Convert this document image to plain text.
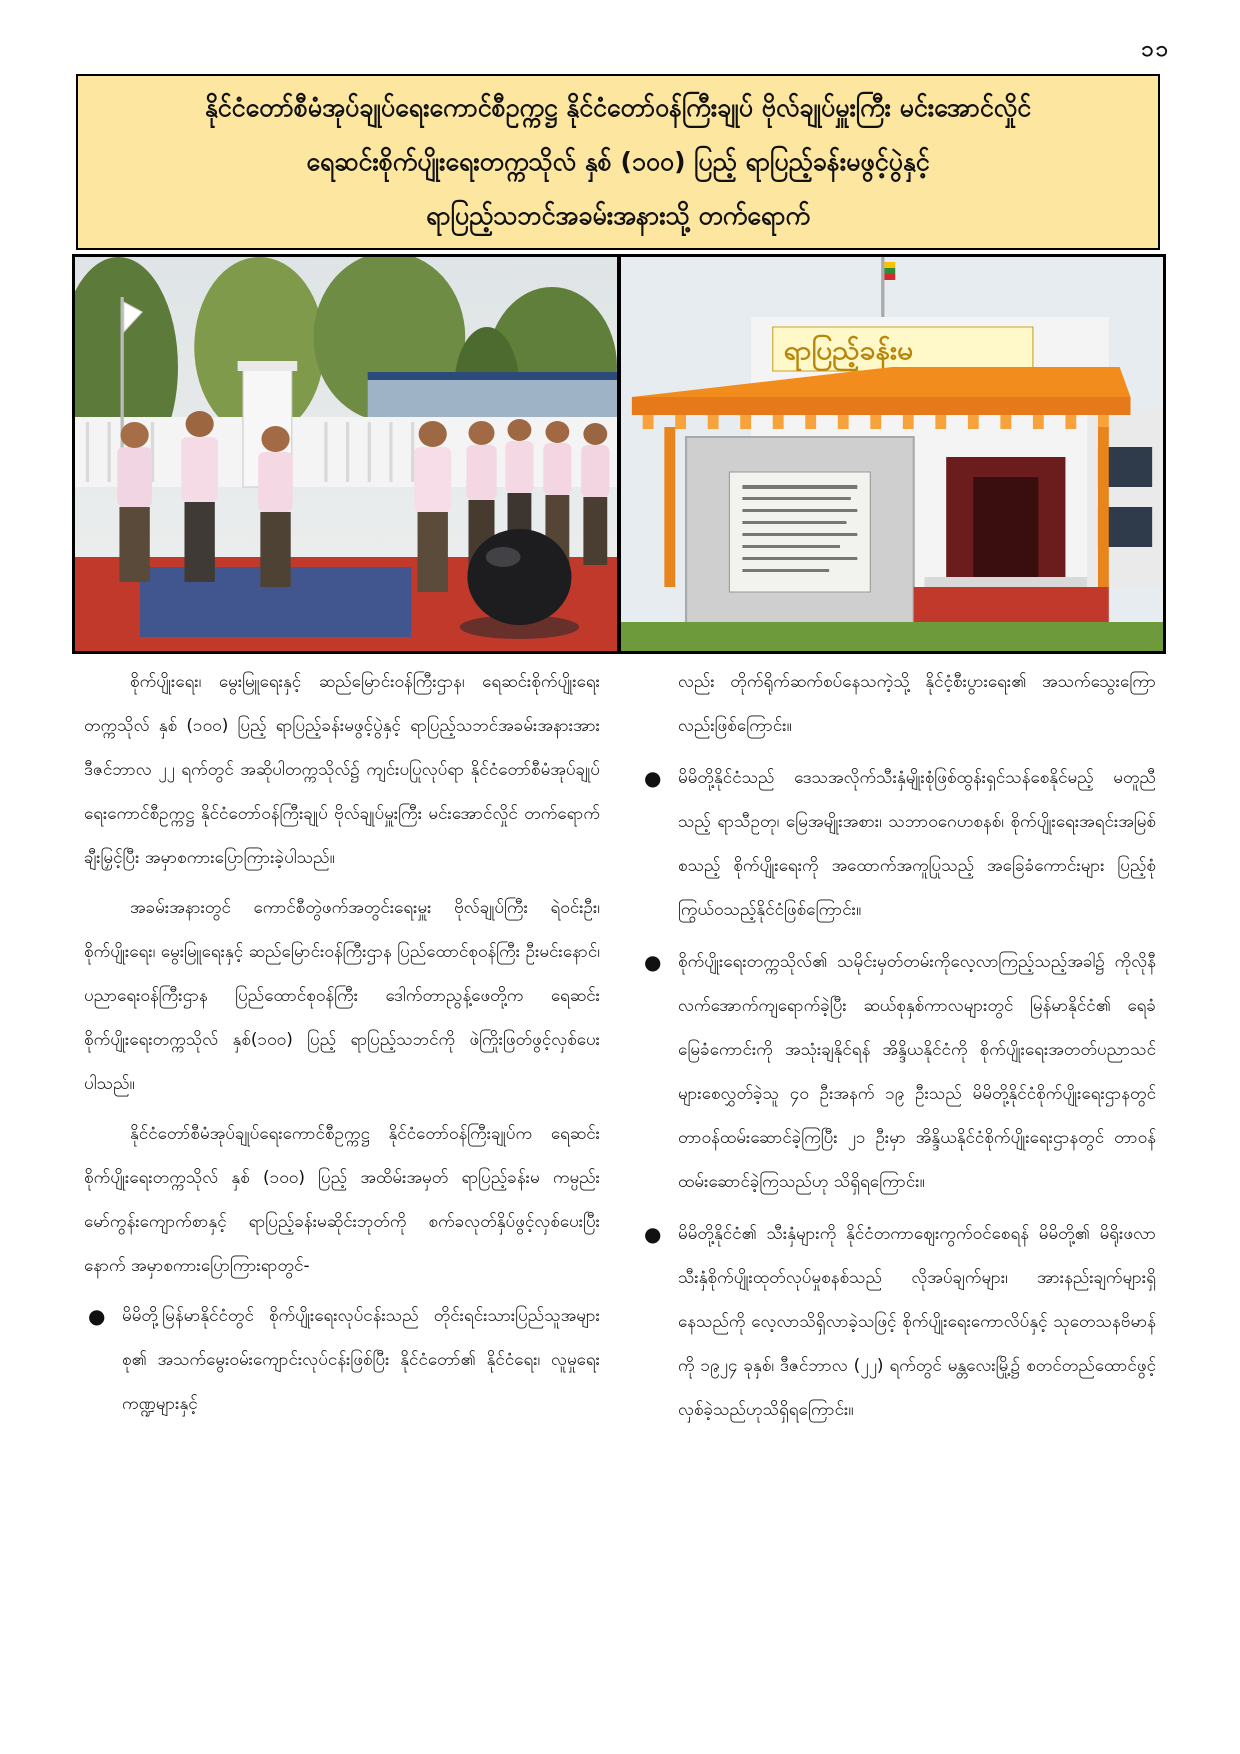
၁၁
နိုင်ငံတော်စီမံအုပ်ချုပ်ရေးကောင်စီဥက္ကဋ္ဌ နိုင်ငံတော်ဝန်ကြီးချုပ် ဗိုလ်ချုပ်မှူးကြီး မင်းအောင်လှိုင်
ရေဆင်းစိုက်ပျိုးရေးတက္ကသိုလ် နှစ် (၁၀၀) ပြည့် ရာပြည့်ခန်းမဖွင့်ပွဲနှင့်
ရာပြည့်သဘင်အခမ်းအနားသို့ တက်ရောက်
ရာပြည့်ခန်းမ

စိုက်ပျိုးရေး၊ မွေးမြူရေးနှင့် ဆည်မြောင်းဝန်ကြီးဌာန၊ ရေဆင်းစိုက်ပျိုးရေးတက္ကသိုလ် နှစ် (၁၀၀) ပြည့် ရာပြည့်ခန်းမဖွင့်ပွဲနှင့် ရာပြည့်သဘင်အခမ်းအနားအား ဒီဇင်ဘာလ ၂၂ ရက်တွင် အဆိုပါတက္ကသိုလ်၌ ကျင်းပပြုလုပ်ရာ နိုင်ငံတော်စီမံအုပ်ချုပ်ရေးကောင်စီဥက္ကဋ္ဌ နိုင်ငံတော်ဝန်ကြီးချုပ် ဗိုလ်ချုပ်မှူးကြီး မင်းအောင်လှိုင် တက်ရောက်ချီးမြှင့်ပြီး အမှာစကားပြောကြားခဲ့ပါသည်။

အခမ်းအနားတွင် ကောင်စီတွဲဖက်အတွင်းရေးမှူး ဗိုလ်ချုပ်ကြီး ရဲဝင်းဦး၊ စိုက်ပျိုးရေး၊ မွေးမြူရေးနှင့် ဆည်မြောင်းဝန်ကြီးဌာန ပြည်ထောင်စုဝန်ကြီး ဦးမင်းနောင်၊ ပညာရေးဝန်ကြီးဌာန ပြည်ထောင်စုဝန်ကြီး ဒေါက်တာညွန့်ဖေတို့က ရေဆင်းစိုက်ပျိုးရေးတက္ကသိုလ် နှစ်(၁၀၀) ပြည့် ရာပြည့်သဘင်ကို ဖဲကြိုးဖြတ်ဖွင့်လှစ်ပေးပါသည်။

နိုင်ငံတော်စီမံအုပ်ချုပ်ရေးကောင်စီဥက္ကဋ္ဌ နိုင်ငံတော်ဝန်ကြီးချုပ်က ရေဆင်းစိုက်ပျိုးရေးတက္ကသိုလ် နှစ် (၁၀၀) ပြည့် အထိမ်းအမှတ် ရာပြည့်ခန်းမ ကမ္ပည်းမော်ကွန်းကျောက်စာနှင့် ရာပြည့်ခန်းမဆိုင်းဘုတ်ကို စက်ခလုတ်နှိပ်ဖွင့်လှစ်ပေးပြီးနောက် အမှာစကားပြောကြားရာတွင်-

● မိမိတို့မြန်မာနိုင်ငံတွင် စိုက်ပျိုးရေးလုပ်ငန်းသည် တိုင်းရင်းသားပြည်သူအများစု၏ အသက်မွေးဝမ်းကျောင်းလုပ်ငန်းဖြစ်ပြီး နိုင်ငံတော်၏ နိုင်ငံရေး၊ လူမှုရေးကဏ္ဍများနှင့်

လည်း တိုက်ရိုက်ဆက်စပ်နေသကဲ့သို့ နိုင်ငံ့စီးပွားရေး၏ အသက်သွေးကြောလည်းဖြစ်ကြောင်း။

● မိမိတို့နိုင်ငံသည် ဒေသအလိုက်သီးနှံမျိုးစုံဖြစ်ထွန်းရှင်သန်စေနိုင်မည့် မတူညီသည့် ရာသီဥတု၊ မြေအမျိုးအစား၊ သဘာဝဂေဟစနစ်၊ စိုက်ပျိုးရေးအရင်းအမြစ် စသည့် စိုက်ပျိုးရေးကို အထောက်အကူပြုသည့် အခြေခံကောင်းများ ပြည့်စုံကြွယ်ဝသည့်နိုင်ငံဖြစ်ကြောင်း။
● စိုက်ပျိုးရေးတက္ကသိုလ်၏ သမိုင်းမှတ်တမ်းကိုလေ့လာကြည့်သည့်အခါ၌ ကိုလိုနီလက်အောက်ကျရောက်ခဲ့ပြီး ဆယ်စုနှစ်ကာလများတွင် မြန်မာနိုင်ငံ၏ ရေခံမြေခံကောင်းကို အသုံးချနိုင်ရန် အိန္ဒိယနိုင်ငံကို စိုက်ပျိုးရေးအတတ်ပညာသင်များစေလွှတ်ခဲ့သူ ၄၀ ဦးအနက် ၁၉ ဦးသည် မိမိတို့နိုင်ငံစိုက်ပျိုးရေးဌာနတွင် တာဝန်ထမ်းဆောင်ခဲ့ကြပြီး ၂၁ ဦးမှာ အိန္ဒိယနိုင်ငံစိုက်ပျိုးရေးဌာနတွင် တာဝန်ထမ်းဆောင်ခဲ့ကြသည်ဟု သိရှိရကြောင်း။
● မိမိတို့နိုင်ငံ၏ သီးနှံများကို နိုင်ငံတကာဈေးကွက်ဝင်စေရန် မိမိတို့၏ မိရိုးဖလာ သီးနှံစိုက်ပျိုးထုတ်လုပ်မှုစနစ်သည် လိုအပ်ချက်များ၊ အားနည်းချက်များရှိနေသည်ကို လေ့လာသိရှိလာခဲ့သဖြင့် စိုက်ပျိုးရေးကောလိပ်နှင့် သုတေသနဗိမာန်ကို ၁၉၂၄ ခုနှစ်၊ ဒီဇင်ဘာလ (၂၂) ရက်တွင် မန္တလေးမြို့၌ စတင်တည်ထောင်ဖွင့်လှစ်ခဲ့သည်ဟုသိရှိရကြောင်း။
